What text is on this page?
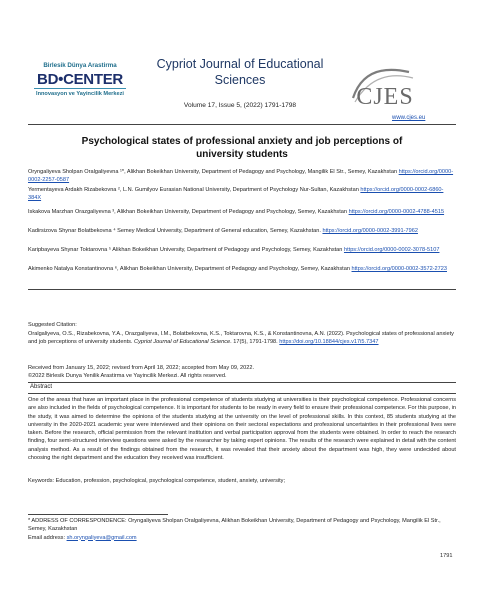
Birlesik Dünya Arastirma
BD•CENTER
Innovasyon ve Yayincilik Merkezi
Cypriot Journal of Educational Sciences
Volume 17, Issue 5, (2022) 1791-1798	CJES
www.cjes.eu
Psychological states of professional anxiety and job perceptions of university students
Oryngaliyeva Sholpan Oralgaliyevna ¹*, Alikhan Bokeikhan University, Department of Pedagogy and Psychology, Mangilik El Str., Semey, Kazakhstan https://orcid.org/0000-0002-2257-0587
Yermentayeva Ardakh Rizabekovna ², L.N. Gumilyov Eurasian National University, Department of Psychology Nur-Sultan, Kazakhstan https://orcid.org/0000-0002-6860-384X
Iskakova Marzhan Orazgaliyevna ³, Alikhan Bokeikhan University, Department of Pedagogy and Psychology, Semey, Kazakhstan https://orcid.org/0000-0002-4788-4515
Kadirsizova Shynar Bolatbekovna ⁴ Semey Medical University, Department of General education, Semey, Kazakhstan. https://orcid.org/0000-0002-3991-7962
Karipbayeva Shynar Toktarovna ⁵ Alikhan Bokeikhan University, Department of Pedagogy and Psychology, Semey, Kazakhstan https://orcid.org/0000-0002-3078-5107
Akimenko Natalya Konstantinovna ⁶, Alikhan Bokeikhan University, Department of Pedagogy and Psychology, Semey, Kazakhstan https://orcid.org/0000-0002-3572-2723
Suggested Citation:
Oralgaliyeva, O.S., Rizabekovna, Y.A., Orazgaliyeva, I.M., Bolatbekovna, K.S., Toktarovna, K.S., & Konstantinovna, A.N. (2022). Psychological states of professional anxiety and job perceptions of university students. Cypriot Journal of Educational Science. 17(5), 1791-1798. https://doi.org/10.18844/cjes.v17i5.7347
Received from January 15, 2022; revised from April 18, 2022; accepted from May 09, 2022.
©2022 Birlesik Dunya Yenilik Arastirma ve Yayincilik Merkezi. All rights reserved.
Abstract
One of the areas that have an important place in the professional competence of students studying at universities is their psychological competence. Professional concerns are also included in the fields of psychological competence. It is important for students to be ready in every field to ensure their professional competence. For this purpose, in the study, it was aimed to determine the opinions of the students studying at the university on the level of professional skills. In this context, 85 students studying at the university in the 2020-2021 academic year were interviewed and their opinions on their sectoral expectations and professional uncertainties in their professional lives were taken. Before the research, official permission from the relevant institution and verbal participation approval from the students were obtained. In order to reach the research finding, four semi-structured interview questions were asked by the researcher by taking expert opinions. The results of the research were explained in detail with the content analysis method. As a result of the findings obtained from the research, it was revealed that their anxiety about the department was high, they were undecided about choosing the right department and the education they received was insufficient.
Keywords: Education, profession, psychological, psychological competence, student, anxiety, university;
* ADDRESS OF CORRESPONDENCE: Oryngaliyeva Sholpan Oralgaliyevna, Alikhan Bokeikhan University, Department of Pedagogy and Psychology, Mangilik El Str., Semey, Kazakhstan
Email address: sh.oryngaliyeva@gmail.com
1791
